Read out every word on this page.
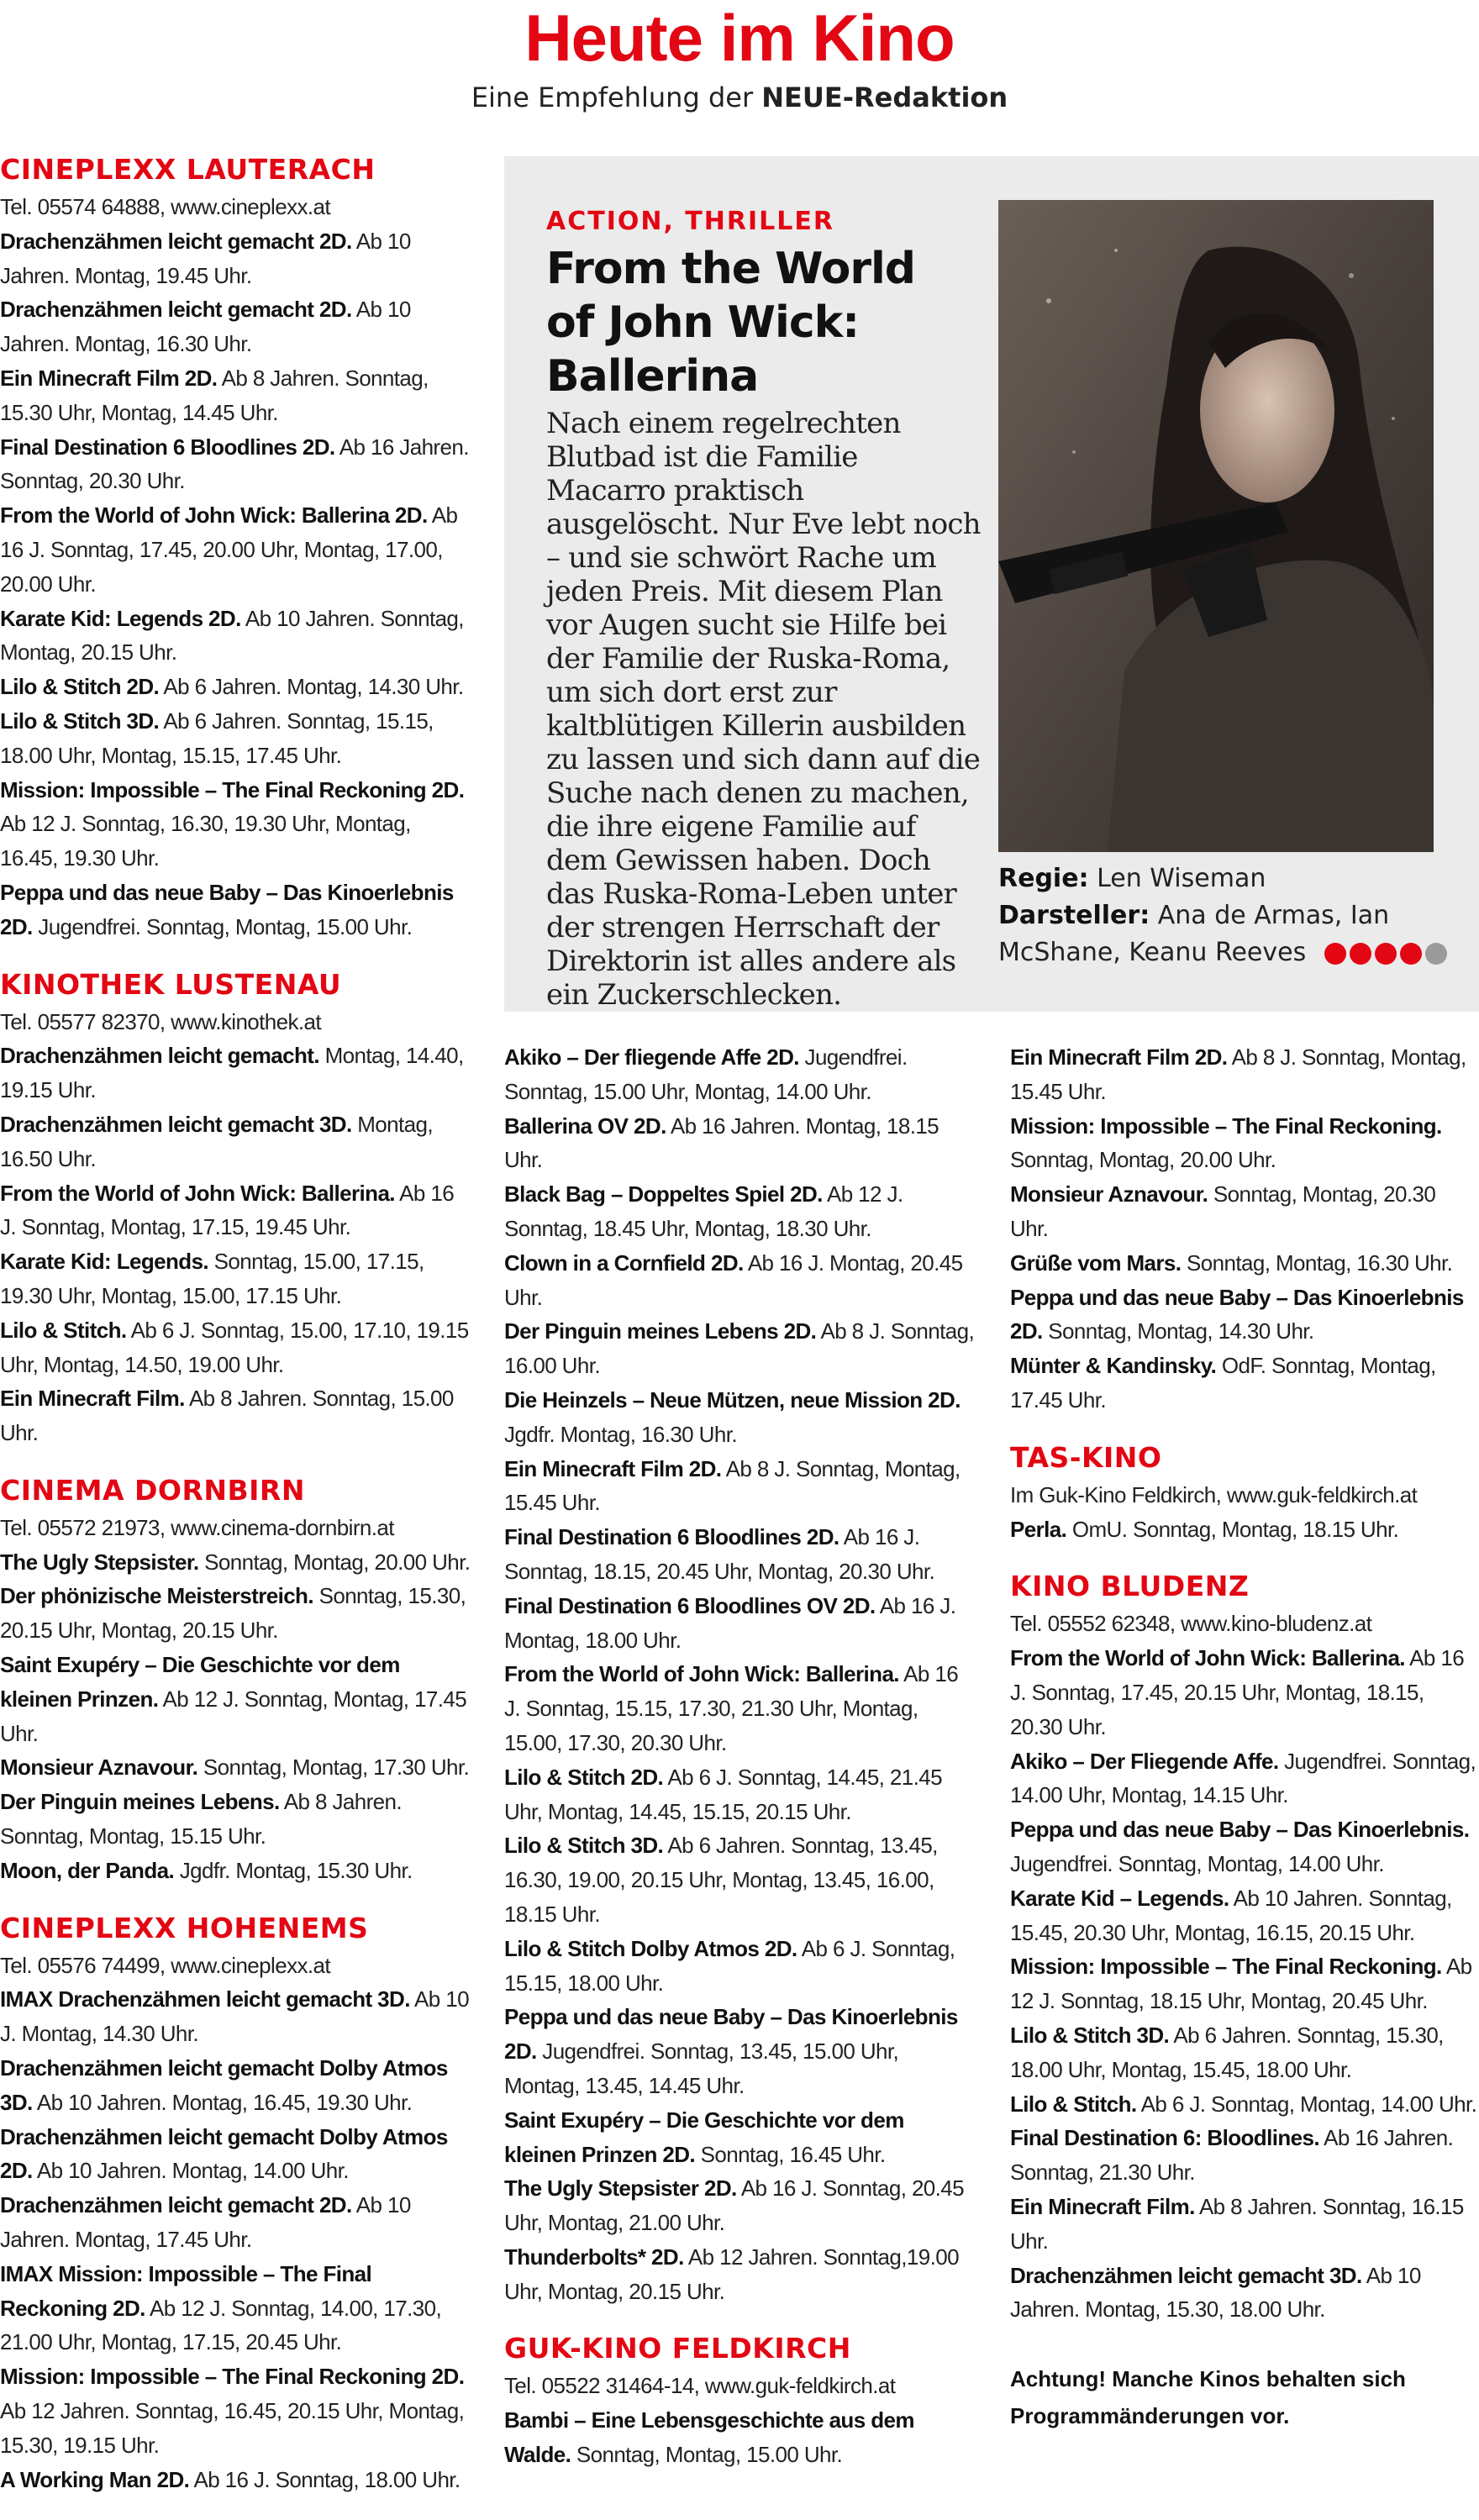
Heute im Kino
Eine Empfehlung der NEUE-Redaktion
CINEPLEXX LAUTERACH
Tel. 05574 64888, www.cineplexx.at
Drachenzähmen leicht gemacht 2D. Ab 10 Jahren. Montag, 19.45 Uhr.
Drachenzähmen leicht gemacht 2D. Ab 10 Jahren. Montag, 16.30 Uhr.
Ein Minecraft Film 2D. Ab 8 Jahren. Sonntag, 15.30 Uhr, Montag, 14.45 Uhr.
Final Destination 6 Bloodlines 2D. Ab 16 Jahren. Sonntag, 20.30 Uhr.
From the World of John Wick: Ballerina 2D. Ab 16 J. Sonntag, 17.45, 20.00 Uhr, Montag, 17.00, 20.00 Uhr.
Karate Kid: Legends 2D. Ab 10 Jahren. Sonntag, Montag, 20.15 Uhr.
Lilo & Stitch 2D. Ab 6 Jahren. Montag, 14.30 Uhr.
Lilo & Stitch 3D. Ab 6 Jahren. Sonntag, 15.15, 18.00 Uhr, Montag, 15.15, 17.45 Uhr.
Mission: Impossible – The Final Reckoning 2D. Ab 12 J. Sonntag, 16.30, 19.30 Uhr, Montag, 16.45, 19.30 Uhr.
Peppa und das neue Baby – Das Kinoerlebnis 2D. Jugendfrei. Sonntag, Montag, 15.00 Uhr.
KINOTHEK LUSTENAU
Tel. 05577 82370, www.kinothek.at
Drachenzähmen leicht gemacht. Montag, 14.40, 19.15 Uhr.
Drachenzähmen leicht gemacht 3D. Montag, 16.50 Uhr.
From the World of John Wick: Ballerina. Ab 16 J. Sonntag, Montag, 17.15, 19.45 Uhr.
Karate Kid: Legends. Sonntag, 15.00, 17.15, 19.30 Uhr, Montag, 15.00, 17.15 Uhr.
Lilo & Stitch. Ab 6 J. Sonntag, 15.00, 17.10, 19.15 Uhr, Montag, 14.50, 19.00 Uhr.
Ein Minecraft Film. Ab 8 Jahren. Sonntag, 15.00 Uhr.
CINEMA DORNBIRN
Tel. 05572 21973, www.cinema-dornbirn.at
The Ugly Stepsister. Sonntag, Montag, 20.00 Uhr.
Der phönizische Meisterstreich. Sonntag, 15.30, 20.15 Uhr, Montag, 20.15 Uhr.
Saint Exupéry – Die Geschichte vor dem kleinen Prinzen. Ab 12 J. Sonntag, Montag, 17.45 Uhr.
Monsieur Aznavour. Sonntag, Montag, 17.30 Uhr.
Der Pinguin meines Lebens. Ab 8 Jahren. Sonntag, Montag, 15.15 Uhr.
Moon, der Panda. Jgdfr. Montag, 15.30 Uhr.
CINEPLEXX HOHENEMS
Tel. 05576 74499, www.cineplexx.at
IMAX Drachenzähmen leicht gemacht 3D. Ab 10 J. Montag, 14.30 Uhr.
Drachenzähmen leicht gemacht Dolby Atmos 3D. Ab 10 Jahren. Montag, 16.45, 19.30 Uhr.
Drachenzähmen leicht gemacht Dolby Atmos 2D. Ab 10 Jahren. Montag, 14.00 Uhr.
Drachenzähmen leicht gemacht 2D. Ab 10 Jahren. Montag, 17.45 Uhr.
IMAX Mission: Impossible – The Final Reckoning 2D. Ab 12 J. Sonntag, 14.00, 17.30, 21.00 Uhr, Montag, 17.15, 20.45 Uhr.
Mission: Impossible – The Final Reckoning 2D. Ab 12 Jahren. Sonntag, 16.45, 20.15 Uhr, Montag, 15.30, 19.15 Uhr.
A Working Man 2D. Ab 16 J. Sonntag, 18.00 Uhr.
ACTION, THRILLER
From the World of John Wick: Ballerina
Nach einem regelrechten Blutbad ist die Familie Macarro praktisch ausgelöscht. Nur Eve lebt noch – und sie schwört Rache um jeden Preis. Mit diesem Plan vor Augen sucht sie Hilfe bei der Familie der Ruska-Roma, um sich dort erst zur kaltblütigen Killerin ausbilden zu lassen und sich dann auf die Suche nach denen zu machen, die ihre eigene Familie auf dem Gewissen haben. Doch das Ruska-Roma-Leben unter der strengen Herrschaft der Direktorin ist alles andere als ein Zuckerschlecken.
Regie: Len Wiseman
Darsteller: Ana de Armas, Ian McShane, Keanu Reeves
Akiko – Der fliegende Affe 2D. Jugendfrei. Sonntag, 15.00 Uhr, Montag, 14.00 Uhr.
Ballerina OV 2D. Ab 16 Jahren. Montag, 18.15 Uhr.
Black Bag – Doppeltes Spiel 2D. Ab 12 J. Sonntag, 18.45 Uhr, Montag, 18.30 Uhr.
Clown in a Cornfield 2D. Ab 16 J. Montag, 20.45 Uhr.
Der Pinguin meines Lebens 2D. Ab 8 J. Sonntag, 16.00 Uhr.
Die Heinzels – Neue Mützen, neue Mission 2D. Jgdfr. Montag, 16.30 Uhr.
Ein Minecraft Film 2D. Ab 8 J. Sonntag, Montag, 15.45 Uhr.
Final Destination 6 Bloodlines 2D. Ab 16 J. Sonntag, 18.15, 20.45 Uhr, Montag, 20.30 Uhr.
Final Destination 6 Bloodlines OV 2D. Ab 16 J. Montag, 18.00 Uhr.
From the World of John Wick: Ballerina. Ab 16 J. Sonntag, 15.15, 17.30, 21.30 Uhr, Montag, 15.00, 17.30, 20.30 Uhr.
Lilo & Stitch 2D. Ab 6 J. Sonntag, 14.45, 21.45 Uhr, Montag, 14.45, 15.15, 20.15 Uhr.
Lilo & Stitch 3D. Ab 6 Jahren. Sonntag, 13.45, 16.30, 19.00, 20.15 Uhr, Montag, 13.45, 16.00, 18.15 Uhr.
Lilo & Stitch Dolby Atmos 2D. Ab 6 J. Sonntag, 15.15, 18.00 Uhr.
Peppa und das neue Baby – Das Kinoerlebnis 2D. Jugendfrei. Sonntag, 13.45, 15.00 Uhr, Montag, 13.45, 14.45 Uhr.
Saint Exupéry – Die Geschichte vor dem kleinen Prinzen 2D. Sonntag, 16.45 Uhr.
The Ugly Stepsister 2D. Ab 16 J. Sonntag, 20.45 Uhr, Montag, 21.00 Uhr.
Thunderbolts* 2D. Ab 12 Jahren. Sonntag,19.00 Uhr, Montag, 20.15 Uhr.
GUK-KINO FELDKIRCH
Tel. 05522 31464-14, www.guk-feldkirch.at
Bambi – Eine Lebensgeschichte aus dem Walde. Sonntag, Montag, 15.00 Uhr.
Ein Minecraft Film 2D. Ab 8 J. Sonntag, Montag, 15.45 Uhr.
Mission: Impossible – The Final Reckoning. Sonntag, Montag, 20.00 Uhr.
Monsieur Aznavour. Sonntag, Montag, 20.30 Uhr.
Grüße vom Mars. Sonntag, Montag, 16.30 Uhr.
Peppa und das neue Baby – Das Kinoerlebnis 2D. Sonntag, Montag, 14.30 Uhr.
Münter & Kandinsky. OdF. Sonntag, Montag, 17.45 Uhr.
TAS-KINO
Im Guk-Kino Feldkirch, www.guk-feldkirch.at
Perla. OmU. Sonntag, Montag, 18.15 Uhr.
KINO BLUDENZ
Tel. 05552 62348, www.kino-bludenz.at
From the World of John Wick: Ballerina. Ab 16 J. Sonntag, 17.45, 20.15 Uhr, Montag, 18.15, 20.30 Uhr.
Akiko – Der Fliegende Affe. Jugendfrei. Sonntag, 14.00 Uhr, Montag, 14.15 Uhr.
Peppa und das neue Baby – Das Kinoerlebnis. Jugendfrei. Sonntag, Montag, 14.00 Uhr.
Karate Kid – Legends. Ab 10 Jahren. Sonntag, 15.45, 20.30 Uhr, Montag, 16.15, 20.15 Uhr.
Mission: Impossible – The Final Reckoning. Ab 12 J. Sonntag, 18.15 Uhr, Montag, 20.45 Uhr.
Lilo & Stitch 3D. Ab 6 Jahren. Sonntag, 15.30, 18.00 Uhr, Montag, 15.45, 18.00 Uhr.
Lilo & Stitch. Ab 6 J. Sonntag, Montag, 14.00 Uhr.
Final Destination 6: Bloodlines. Ab 16 Jahren. Sonntag, 21.30 Uhr.
Ein Minecraft Film. Ab 8 Jahren. Sonntag, 16.15 Uhr.
Drachenzähmen leicht gemacht 3D. Ab 10 Jahren. Montag, 15.30, 18.00 Uhr.
Achtung! Manche Kinos behalten sich Programmänderungen vor.
